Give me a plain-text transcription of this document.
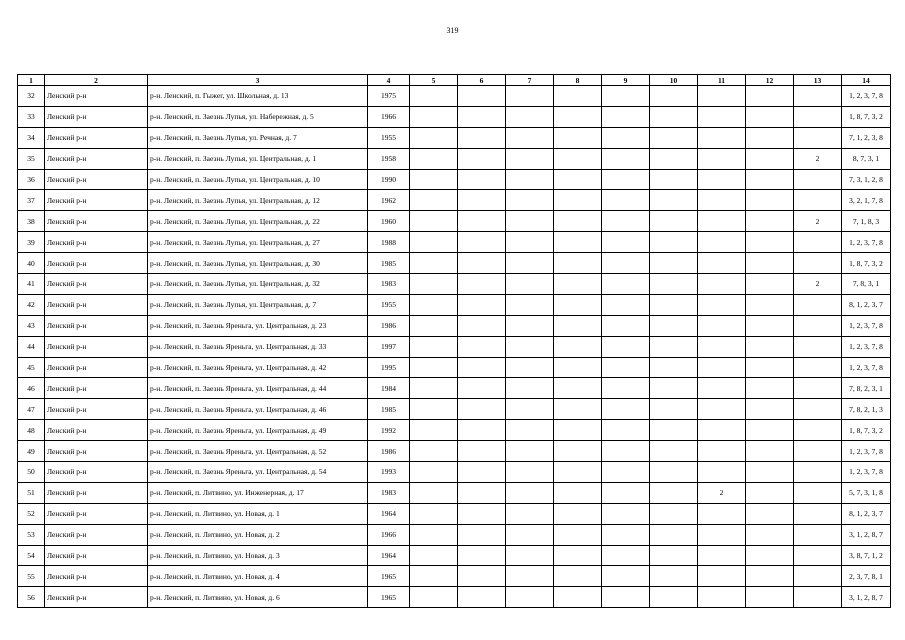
319
1	2	3	4	5	6	7	8	9	10	11	12	13	14
32	Ленский р-н	р-н. Ленский, п. Гыжег, ул. Школьная, д. 13	1975										1, 2, 3, 7, 8
33	Ленский р-н	р-н. Ленский, п. Заезнь Лупья, ул. Набережная, д. 5	1966										1, 8, 7, 3, 2
34	Ленский р-н	р-н. Ленский, п. Заезнь Лупья, ул. Речная, д. 7	1955										7, 1, 2, 3, 8
35	Ленский р-н	р-н. Ленский, п. Заезнь Лупья, ул. Центральная, д. 1	1958									2	8, 7, 3, 1
36	Ленский р-н	р-н. Ленский, п. Заезнь Лупья, ул. Центральная, д. 10	1990										7, 3, 1, 2, 8
37	Ленский р-н	р-н. Ленский, п. Заезнь Лупья, ул. Центральная, д. 12	1962										3, 2, 1, 7, 8
38	Ленский р-н	р-н. Ленский, п. Заезнь Лупья, ул. Центральная, д. 22	1960									2	7, 1, 8, 3
39	Ленский р-н	р-н. Ленский, п. Заезнь Лупья, ул. Центральная, д. 27	1988										1, 2, 3, 7, 8
40	Ленский р-н	р-н. Ленский, п. Заезнь Лупья, ул. Центральная, д. 30	1985										1, 8, 7, 3, 2
41	Ленский р-н	р-н. Ленский, п. Заезнь Лупья, ул. Центральная, д. 32	1983									2	7, 8, 3, 1
42	Ленский р-н	р-н. Ленский, п. Заезнь Лупья, ул. Центральная, д. 7	1955										8, 1, 2, 3, 7
43	Ленский р-н	р-н. Ленский, п. Заезнь Яреньга, ул. Центральная, д. 23	1986										1, 2, 3, 7, 8
44	Ленский р-н	р-н. Ленский, п. Заезнь Яреньга, ул. Центральная, д. 33	1997										1, 2, 3, 7, 8
45	Ленский р-н	р-н. Ленский, п. Заезнь Яреньга, ул. Центральная, д. 42	1995										1, 2, 3, 7, 8
46	Ленский р-н	р-н. Ленский, п. Заезнь Яреньга, ул. Центральная, д. 44	1984										7, 8, 2, 3, 1
47	Ленский р-н	р-н. Ленский, п. Заезнь Яреньга, ул. Центральная, д. 46	1985										7, 8, 2, 1, 3
48	Ленский р-н	р-н. Ленский, п. Заезнь Яреньга, ул. Центральная, д. 49	1992										1, 8, 7, 3, 2
49	Ленский р-н	р-н. Ленский, п. Заезнь Яреньга, ул. Центральная, д. 52	1986										1, 2, 3, 7, 8
50	Ленский р-н	р-н. Ленский, п. Заезнь Яреньга, ул. Центральная, д. 54	1993										1, 2, 3, 7, 8
51	Ленский р-н	р-н. Ленский, п. Литвино, ул. Инженерная, д. 17	1983							2			5, 7, 3, 1, 8
52	Ленский р-н	р-н. Ленский, п. Литвино, ул. Новая, д. 1	1964										8, 1, 2, 3, 7
53	Ленский р-н	р-н. Ленский, п. Литвино, ул. Новая, д. 2	1966										3, 1, 2, 8, 7
54	Ленский р-н	р-н. Ленский, п. Литвино, ул. Новая, д. 3	1964										3, 8, 7, 1, 2
55	Ленский р-н	р-н. Ленский, п. Литвино, ул. Новая, д. 4	1965										2, 3, 7, 8, 1
56	Ленский р-н	р-н. Ленский, п. Литвино, ул. Новая, д. 6	1965										3, 1, 2, 8, 7
